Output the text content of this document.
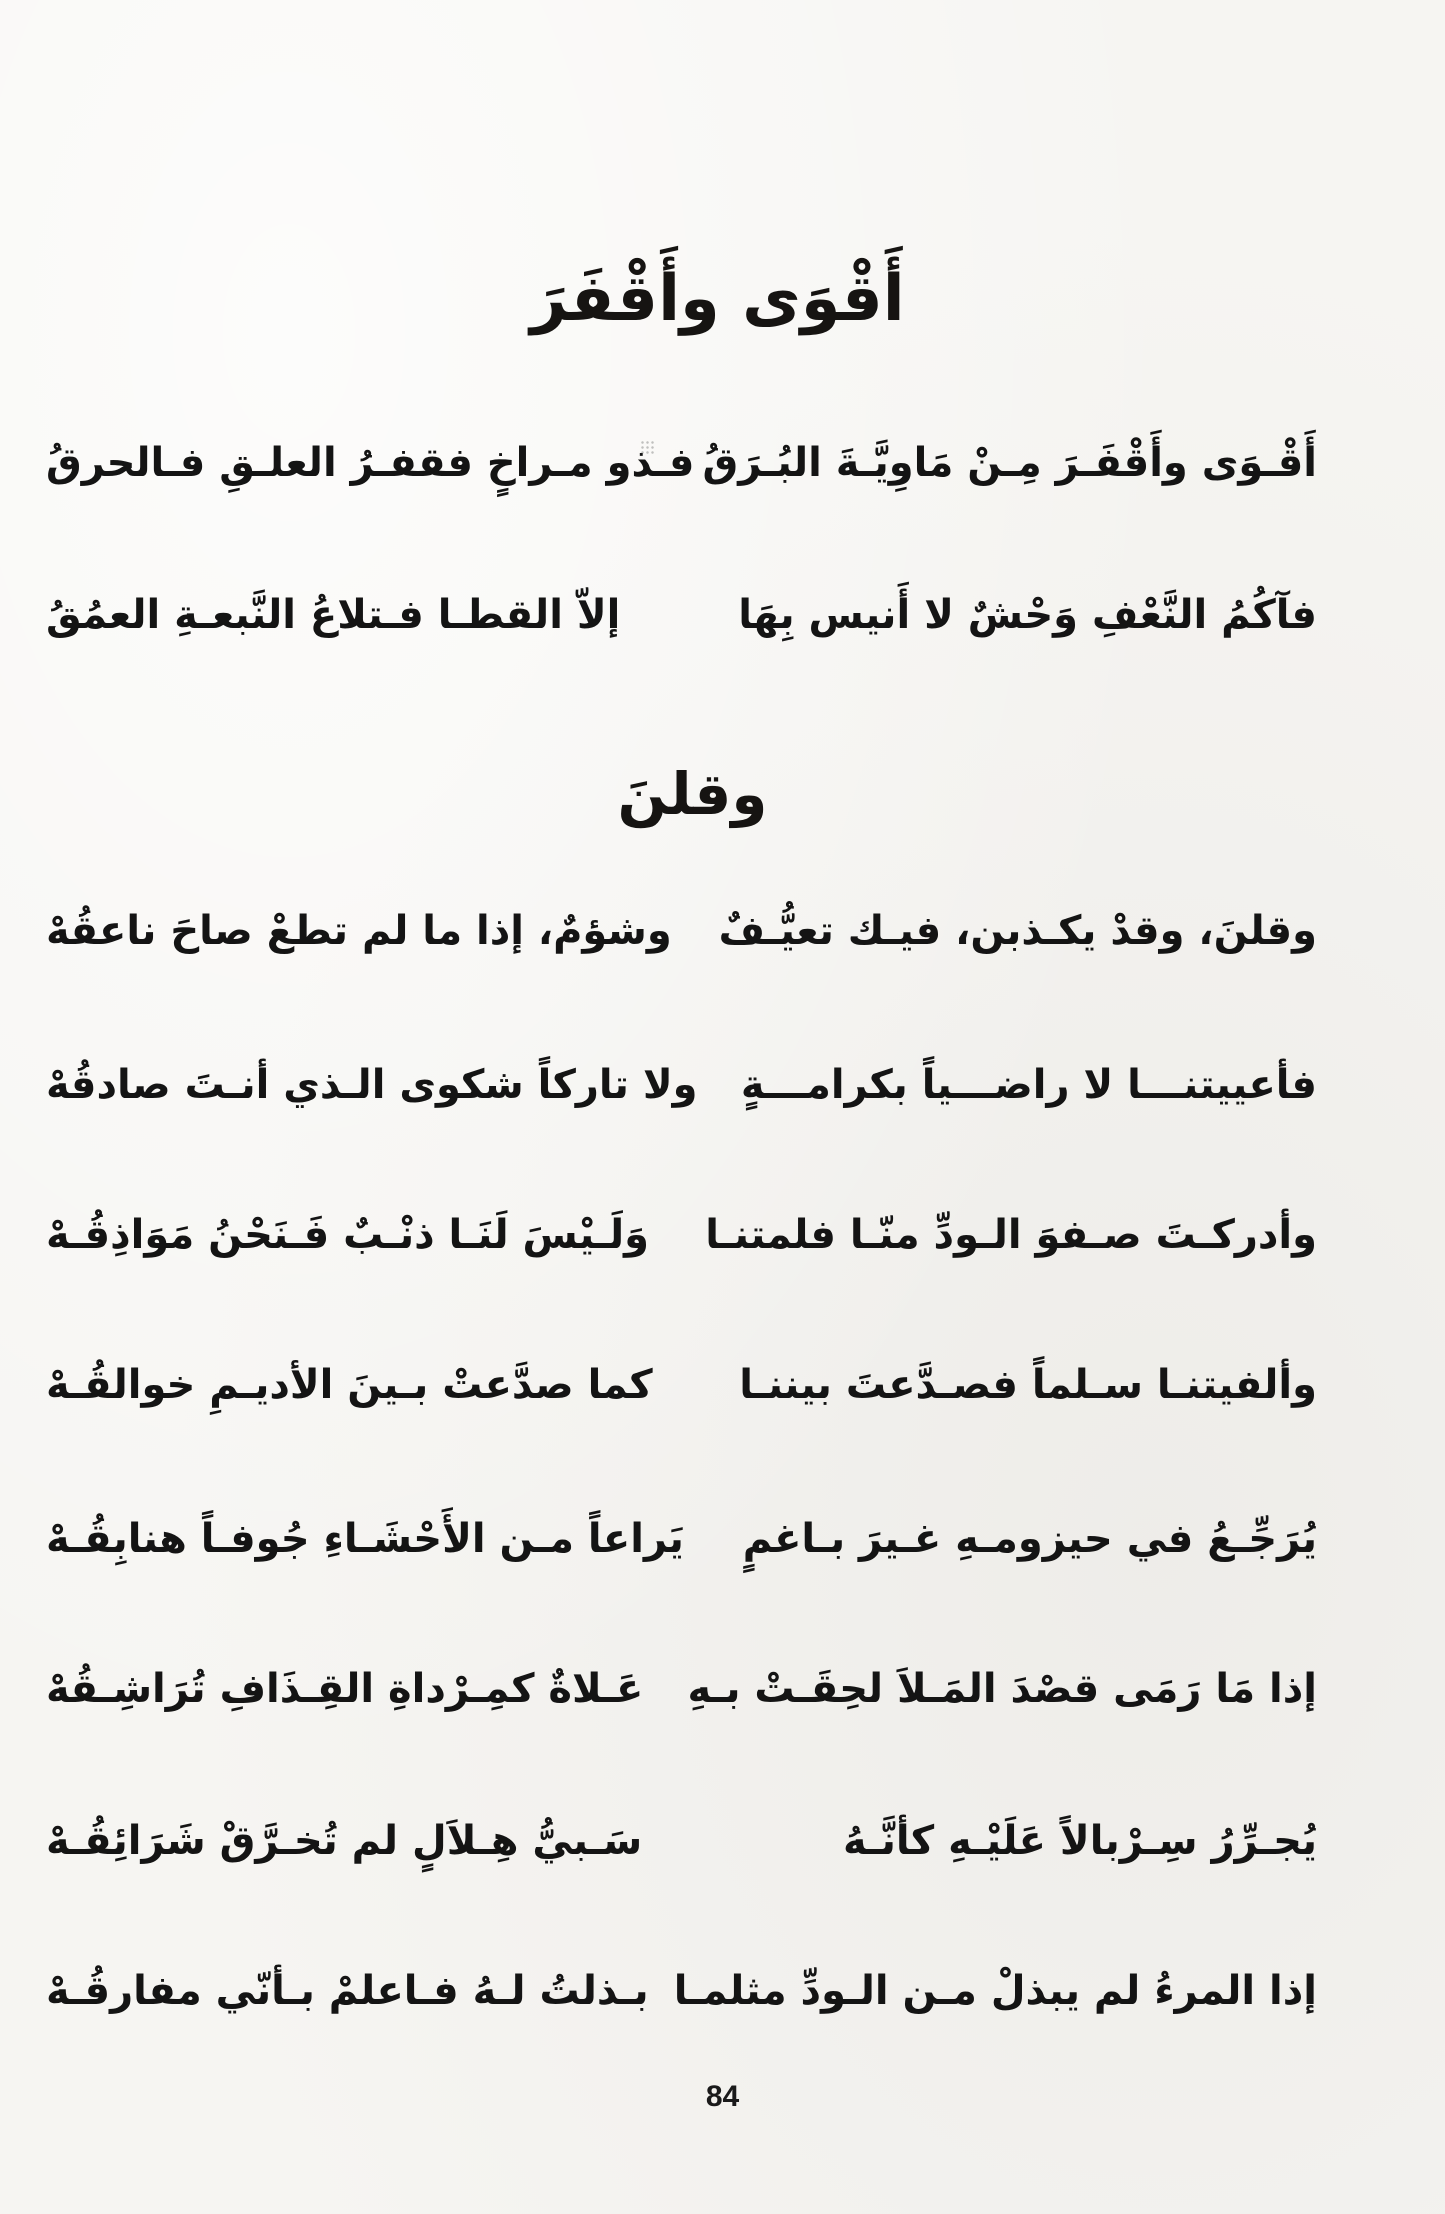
أَقْوَى وأَقْفَرَ
أَقْـوَى وأَقْفَـرَ مِـنْ مَاوِيَّـةَ البُـرَقُ
فـذو مـراخٍ فقفـرُ العلـقِ فـالحرقُ
فآكُمُ النَّعْفِ وَحْشٌ لا أَنيس بِهَا
إلاّ القطـا فـتلاعُ النَّبعـةِ العمُقُ
وقلنَ
وقلنَ، وقدْ يكـذبن، فيـك تعيُّـفٌ
وشؤمٌ، إذا ما لم تطعْ صاحَ ناعقُهْ
فأعييتنـــا لا راضـــياً بكرامـــةٍ
ولا تاركاً شكوى الـذي أنـتَ صادقُهْ
وأدركـتَ صـفوَ الـودِّ منّـا فلمتنـا
وَلَـيْسَ لَنَـا ذنْـبٌ فَـنَحْنُ مَوَاذِقُـهْ
وألفيتنـا سـلماً فصـدَّعتَ بيننـا
كما صدَّعتْ بـينَ الأديـمِ خوالقُـهْ
يُرَجِّـعُ في حيزومـهِ غـيرَ بـاغمٍ
يَراعاً مـن الأَحْشَـاءِ جُوفـاً هنابِقُـهْ
إذا مَا رَمَى قصْدَ المَـلاَ لحِقَـتْ بـهِ
عَـلاةٌ كمِـرْداةِ القِـذَافِ تُرَاشِـقُهْ
يُجـرِّرُ سِـرْبالاً عَلَيْـهِ كأنَّـهُ
سَـبيُّ هِـلاَلٍ لم تُخـرَّقْ شَرَائِقُـهْ
إذا المرءُ لم يبذلْ مـن الـودِّ مثلمـا
بـذلتُ لـهُ فـاعلمْ بـأنّي مفارقُـهْ
84
